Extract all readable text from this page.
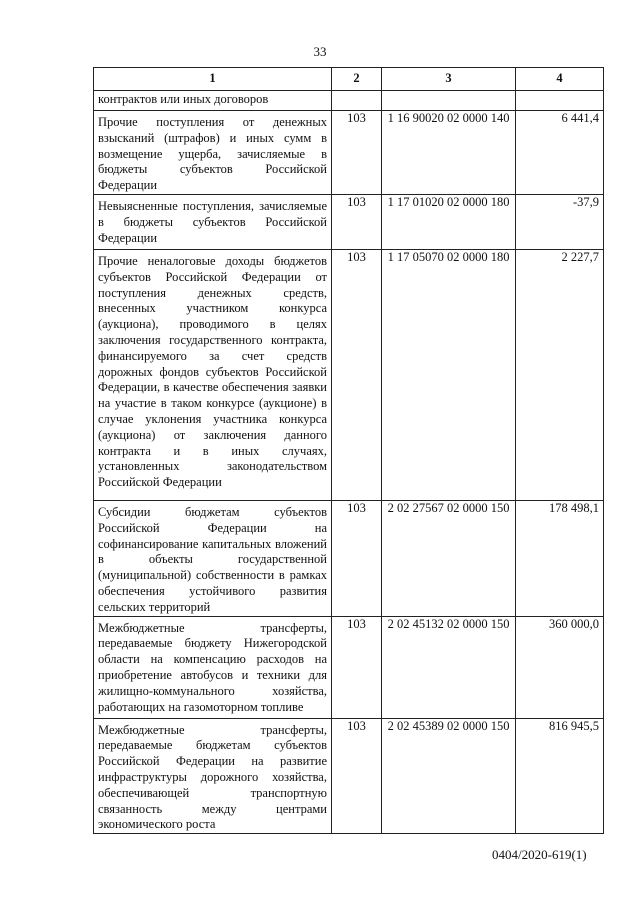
33
1	2	3	4
контрактов или иных договоров			
Прочие поступления от денежных взысканий (штрафов) и иных сумм в возмещение ущерба, зачисляемые в бюджеты субъектов Российской Федерации	103	1 16 90020 02 0000 140	6 441,4
Невыясненные поступления, зачисляемые в бюджеты субъектов Российской Федерации	103	1 17 01020 02 0000 180	-37,9
Прочие неналоговые доходы бюджетов субъектов Российской Федерации от поступления денежных средств, внесенных участником конкурса (аукциона), проводимого в целях заключения государственного контракта, финансируемого за счет средств дорожных фондов субъектов Российской Федерации, в качестве обеспечения заявки на участие в таком конкурсе (аукционе) в случае уклонения участника конкурса (аукциона) от заключения данного контракта и в иных случаях, установленных законодательством Российской Федерации	103	1 17 05070 02 0000 180	2 227,7
Субсидии бюджетам субъектов Российской Федерации на софинансирование капитальных вложений в объекты государственной (муниципальной) собственности в рамках обеспечения устойчивого развития сельских территорий	103	2 02 27567 02 0000 150	178 498,1
Межбюджетные трансферты, передаваемые бюджету Нижегородской области на компенсацию расходов на приобретение автобусов и техники для жилищно-коммунального хозяйства, работающих на газомоторном топливе	103	2 02 45132 02 0000 150	360 000,0
Межбюджетные трансферты, передаваемые бюджетам субъектов Российской Федерации на развитие инфраструктуры дорожного хозяйства, обеспечивающей транспортную связанность между центрами экономического роста	103	2 02 45389 02 0000 150	816 945,5
0404/2020-619(1)
